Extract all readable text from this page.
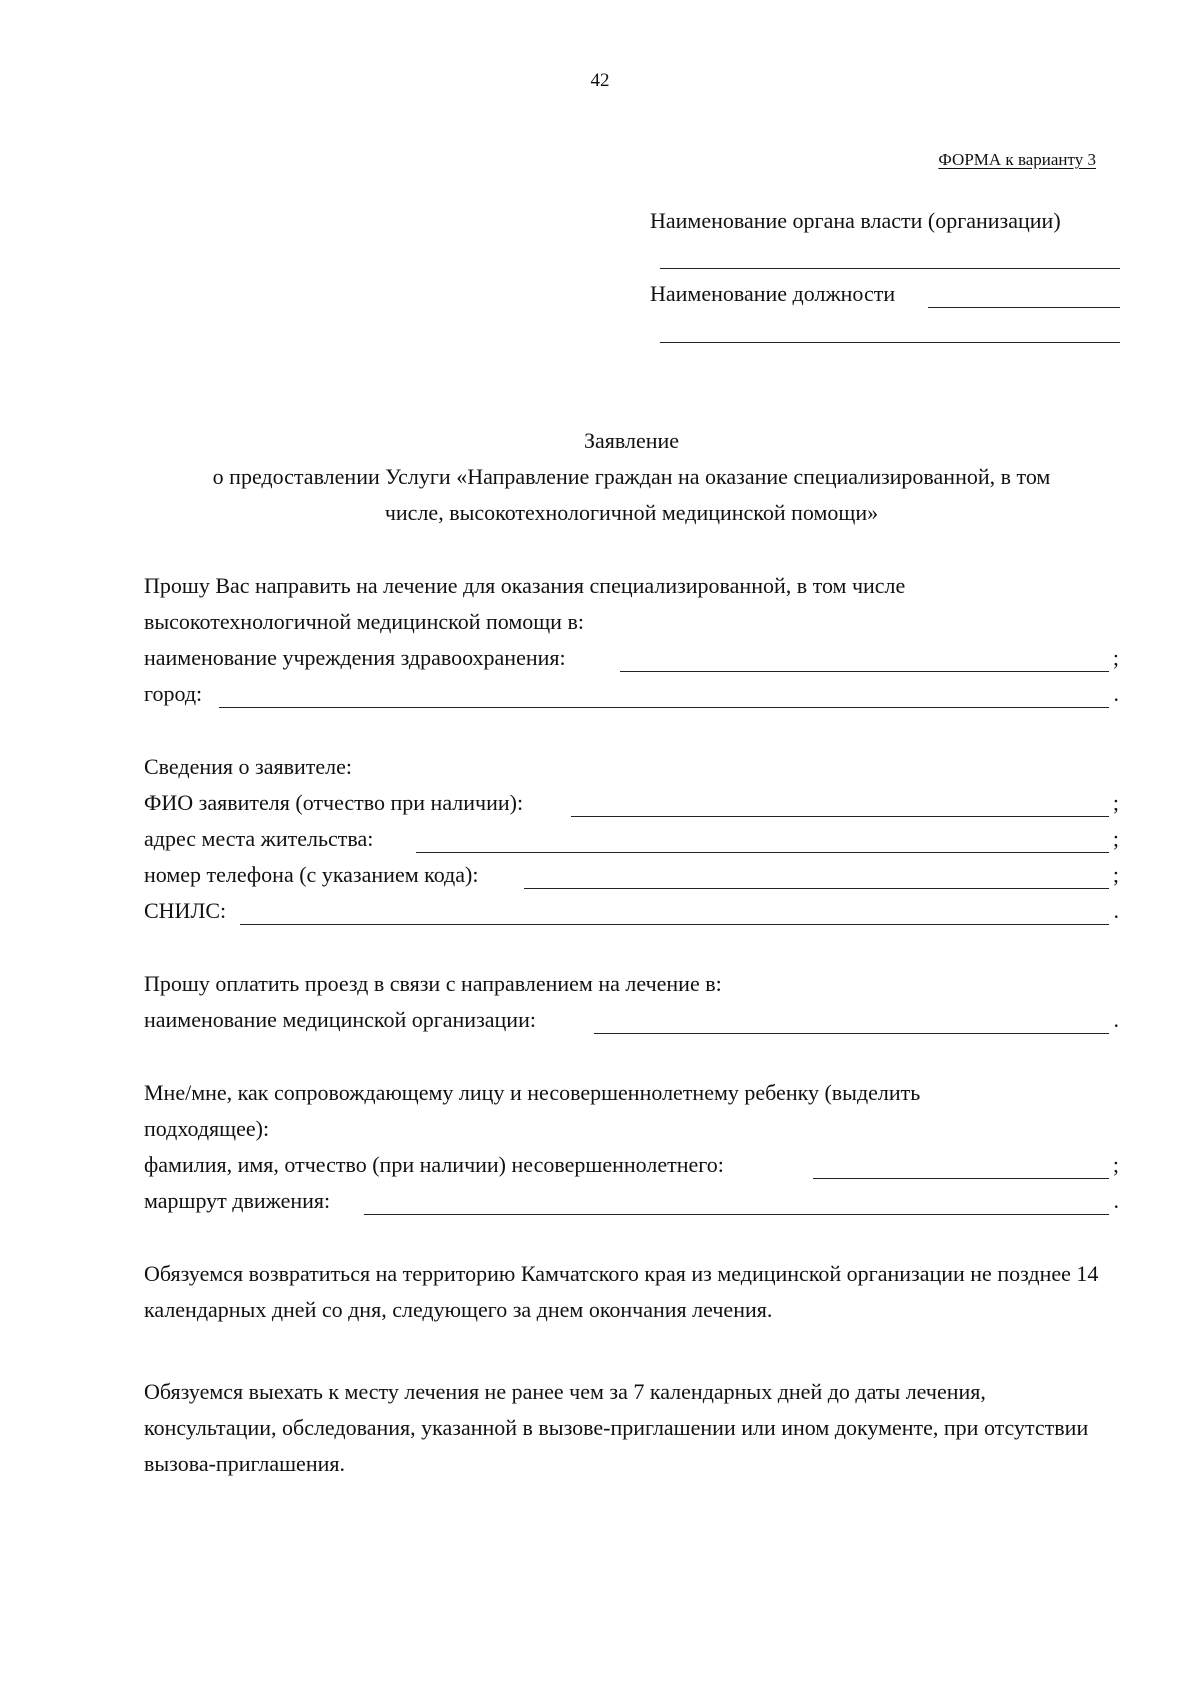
42
ФОРМА к варианту 3
Наименование органа власти (организации)
Наименование должности
Заявление
о предоставлении Услуги «Направление граждан на оказание специализированной, в том
числе, высокотехнологичной медицинской помощи»
Прошу Вас направить на лечение для оказания специализированной, в том числе
высокотехнологичной медицинской помощи в:
наименование учреждения здравоохранения:	;
город:	.
Сведения о заявителе:
ФИО заявителя (отчество при наличии):	;
адрес места жительства:	;
номер телефона (с указанием кода):	;
СНИЛС:	.
Прошу оплатить проезд в связи с направлением на лечение в:
наименование медицинской организации:	.
Мне/мне, как сопровождающему лицу и несовершеннолетнему ребенку (выделить
подходящее):
фамилия, имя, отчество (при наличии) несовершеннолетнего:	;
маршрут движения:	.
Обязуемся возвратиться на территорию Камчатского края из медицинской организации не позднее 14 календарных дней со дня, следующего за днем окончания лечения.
Обязуемся выехать к месту лечения не ранее чем за 7 календарных дней до даты лечения, консультации, обследования, указанной в вызове-приглашении или ином документе, при отсутствии вызова-приглашения.
